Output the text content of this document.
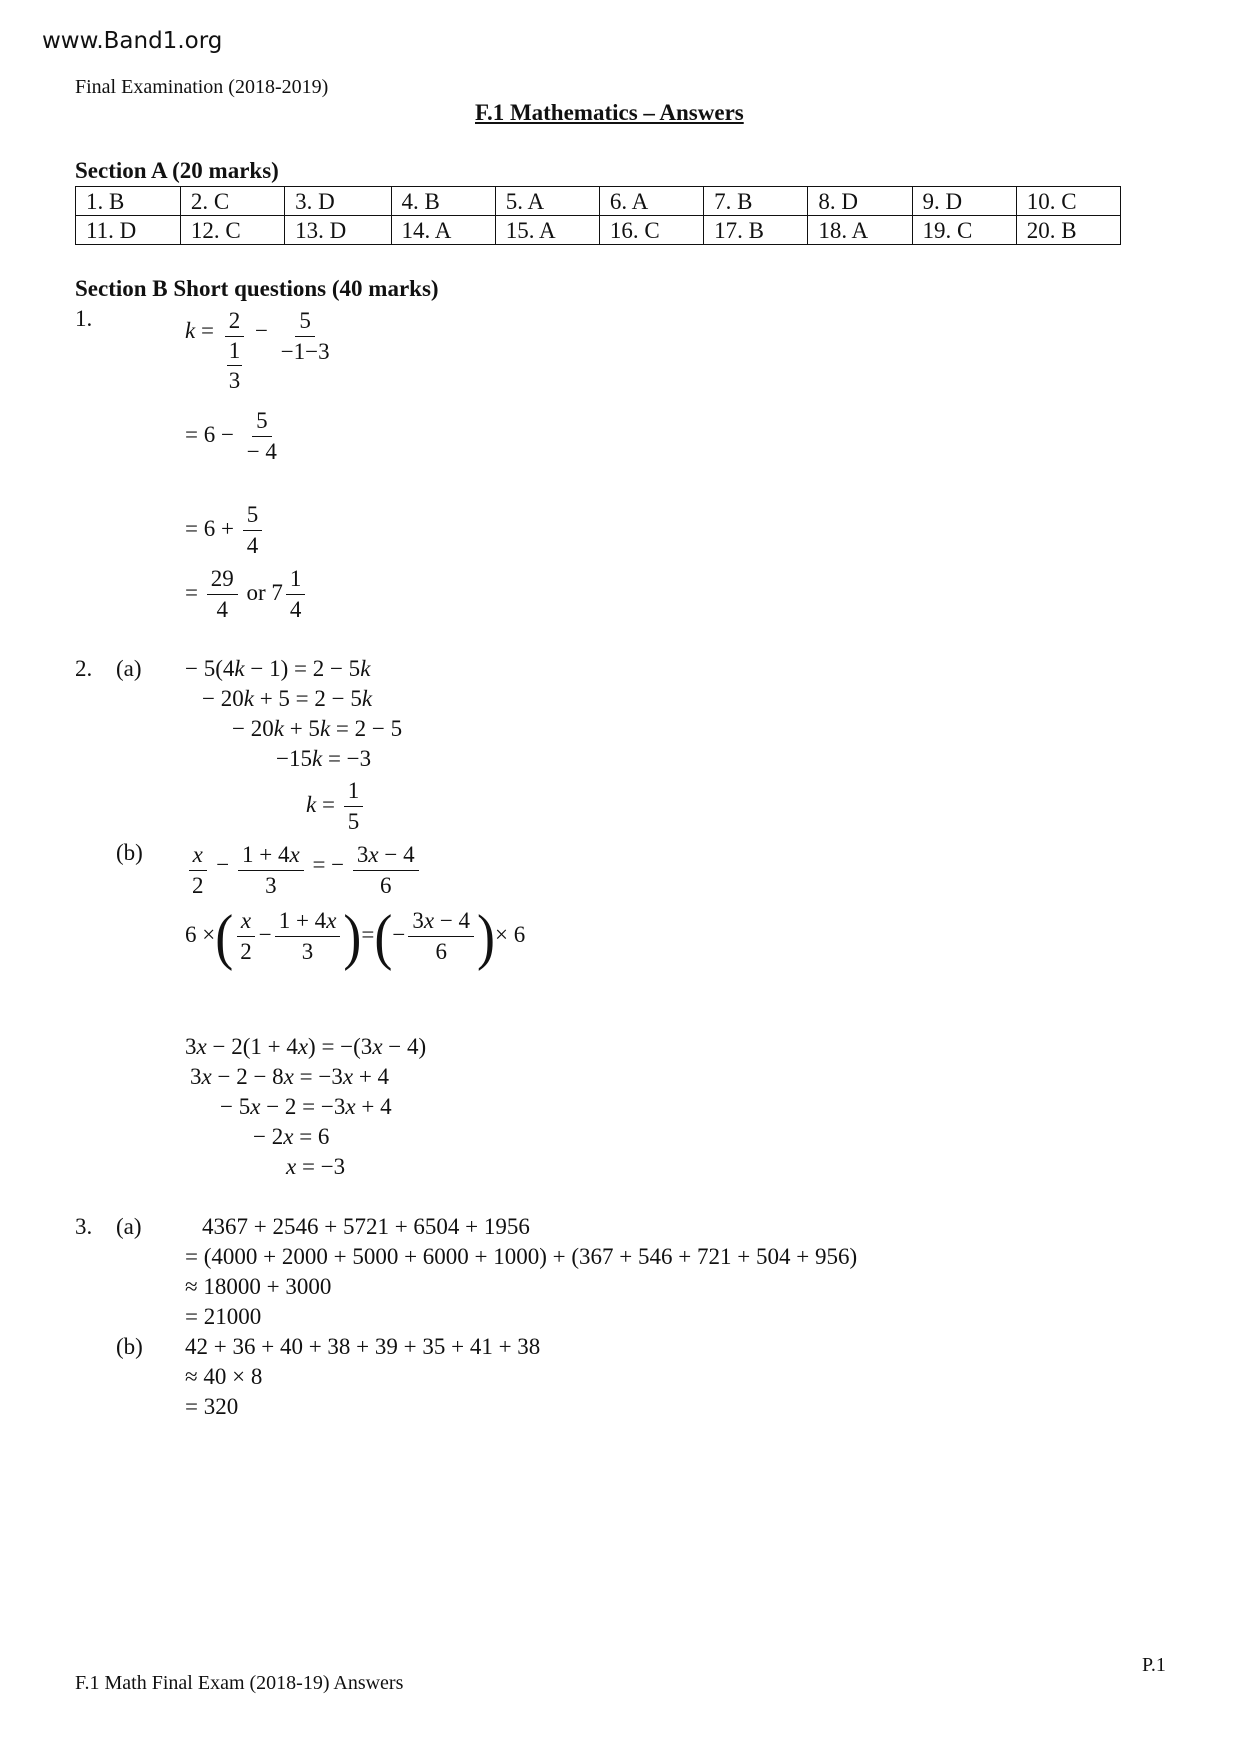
www.Band1.org
Final Examination (2018-2019)
F.1 Mathematics – Answers
Section A (20 marks)
1. B	2. C	3. D	4. B	5. A	6. A	7. B	8. D	9. D	10. C
11. D	12. C	13. D	14. A	15. A	16. C	17. B	18. A	19. C	20. B
Section B Short questions (40 marks)
1.	k = 2
1
$3 - \frac{5}{-1-3}$
= $6 - \frac{5}{- 4}$
= $6 + \frac{5}{4}$
= $\frac{29}{4}$ or $7 \frac{1}{4}$
2. (a) − 5(4k − 1) = 2 − 5k
− 20k + 5 = 2 − 5k
− 20k + 5k = 2 − 5
−15k = −3
$k = \frac{1}{5}$
$(b) \frac{x}{2} - \frac{1 + 4x}{3}$ = − $\frac{3x - 4}{6}$
6 ×( $\frac{x}{2} - \frac{1 + 4x}{3}$ )=(− $\frac{3x - 4}{6}$ )× 6
3x − 2(1 + 4x) = −(3x − 4)
3x − 2 − 8x = −3x + 4
− 5x − 2 = −3x + 4
− 2x = 6
x = −3
3. (a)	4367 + 2546 + 5721 + 6504 + 1956
= (4000 + 2000 + 5000 + 6000 + 1000) + (367 + 546 + 721 + 504 + 956)
≈ 18000 + 3000
= 21000
(b) 42 + 36 + 40 + 38 + 39 + 35 + 41 + 38
≈ 40 × 8
= 320
P.1
F.1 Math Final Exam (2018-19) Answers
